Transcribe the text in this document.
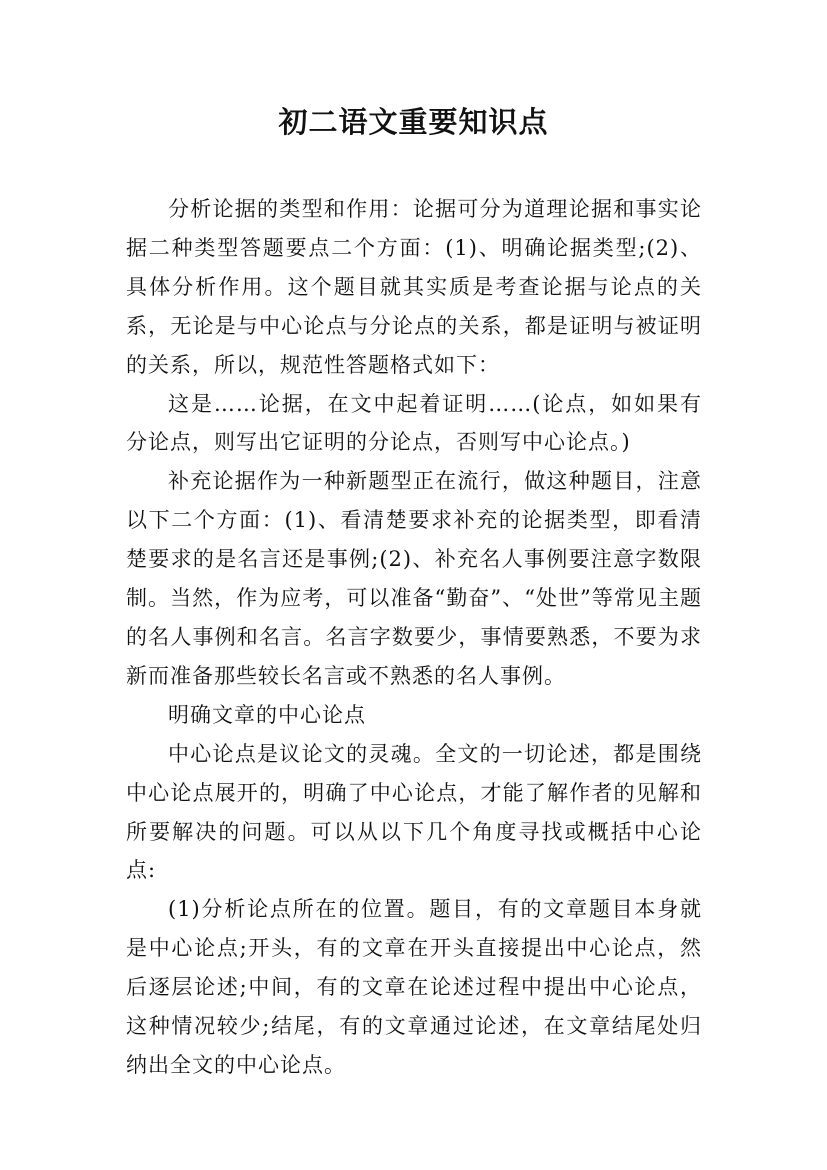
初二语文重要知识点

分析论据的类型和作用：论据可分为道理论据和事实论据二种类型答题要点二个方面：(1)、明确论据类型;(2)、具体分析作用。这个题目就其实质是考查论据与论点的关系，无论是与中心论点与分论点的关系，都是证明与被证明的关系，所以，规范性答题格式如下：

这是……论据，在文中起着证明……(论点，如如果有分论点，则写出它证明的分论点，否则写中心论点。)

补充论据作为一种新题型正在流行，做这种题目，注意以下二个方面：(1)、看清楚要求补充的论据类型，即看清楚要求的是名言还是事例;(2)、补充名人事例要注意字数限制。当然，作为应考，可以准备“勤奋”、“处世”等常见主题的名人事例和名言。名言字数要少，事情要熟悉，不要为求新而准备那些较长名言或不熟悉的名人事例。

明确文章的中心论点

中心论点是议论文的灵魂。全文的一切论述，都是围绕中心论点展开的，明确了中心论点，才能了解作者的见解和所要解决的问题。可以从以下几个角度寻找或概括中心论点:

(1)分析论点所在的位置。题目，有的文章题目本身就是中心论点;开头，有的文章在开头直接提出中心论点，然后逐层论述;中间，有的文章在论述过程中提出中心论点，这种情况较少;结尾，有的文章通过论述，在文章结尾处归纳出全文的中心论点。
